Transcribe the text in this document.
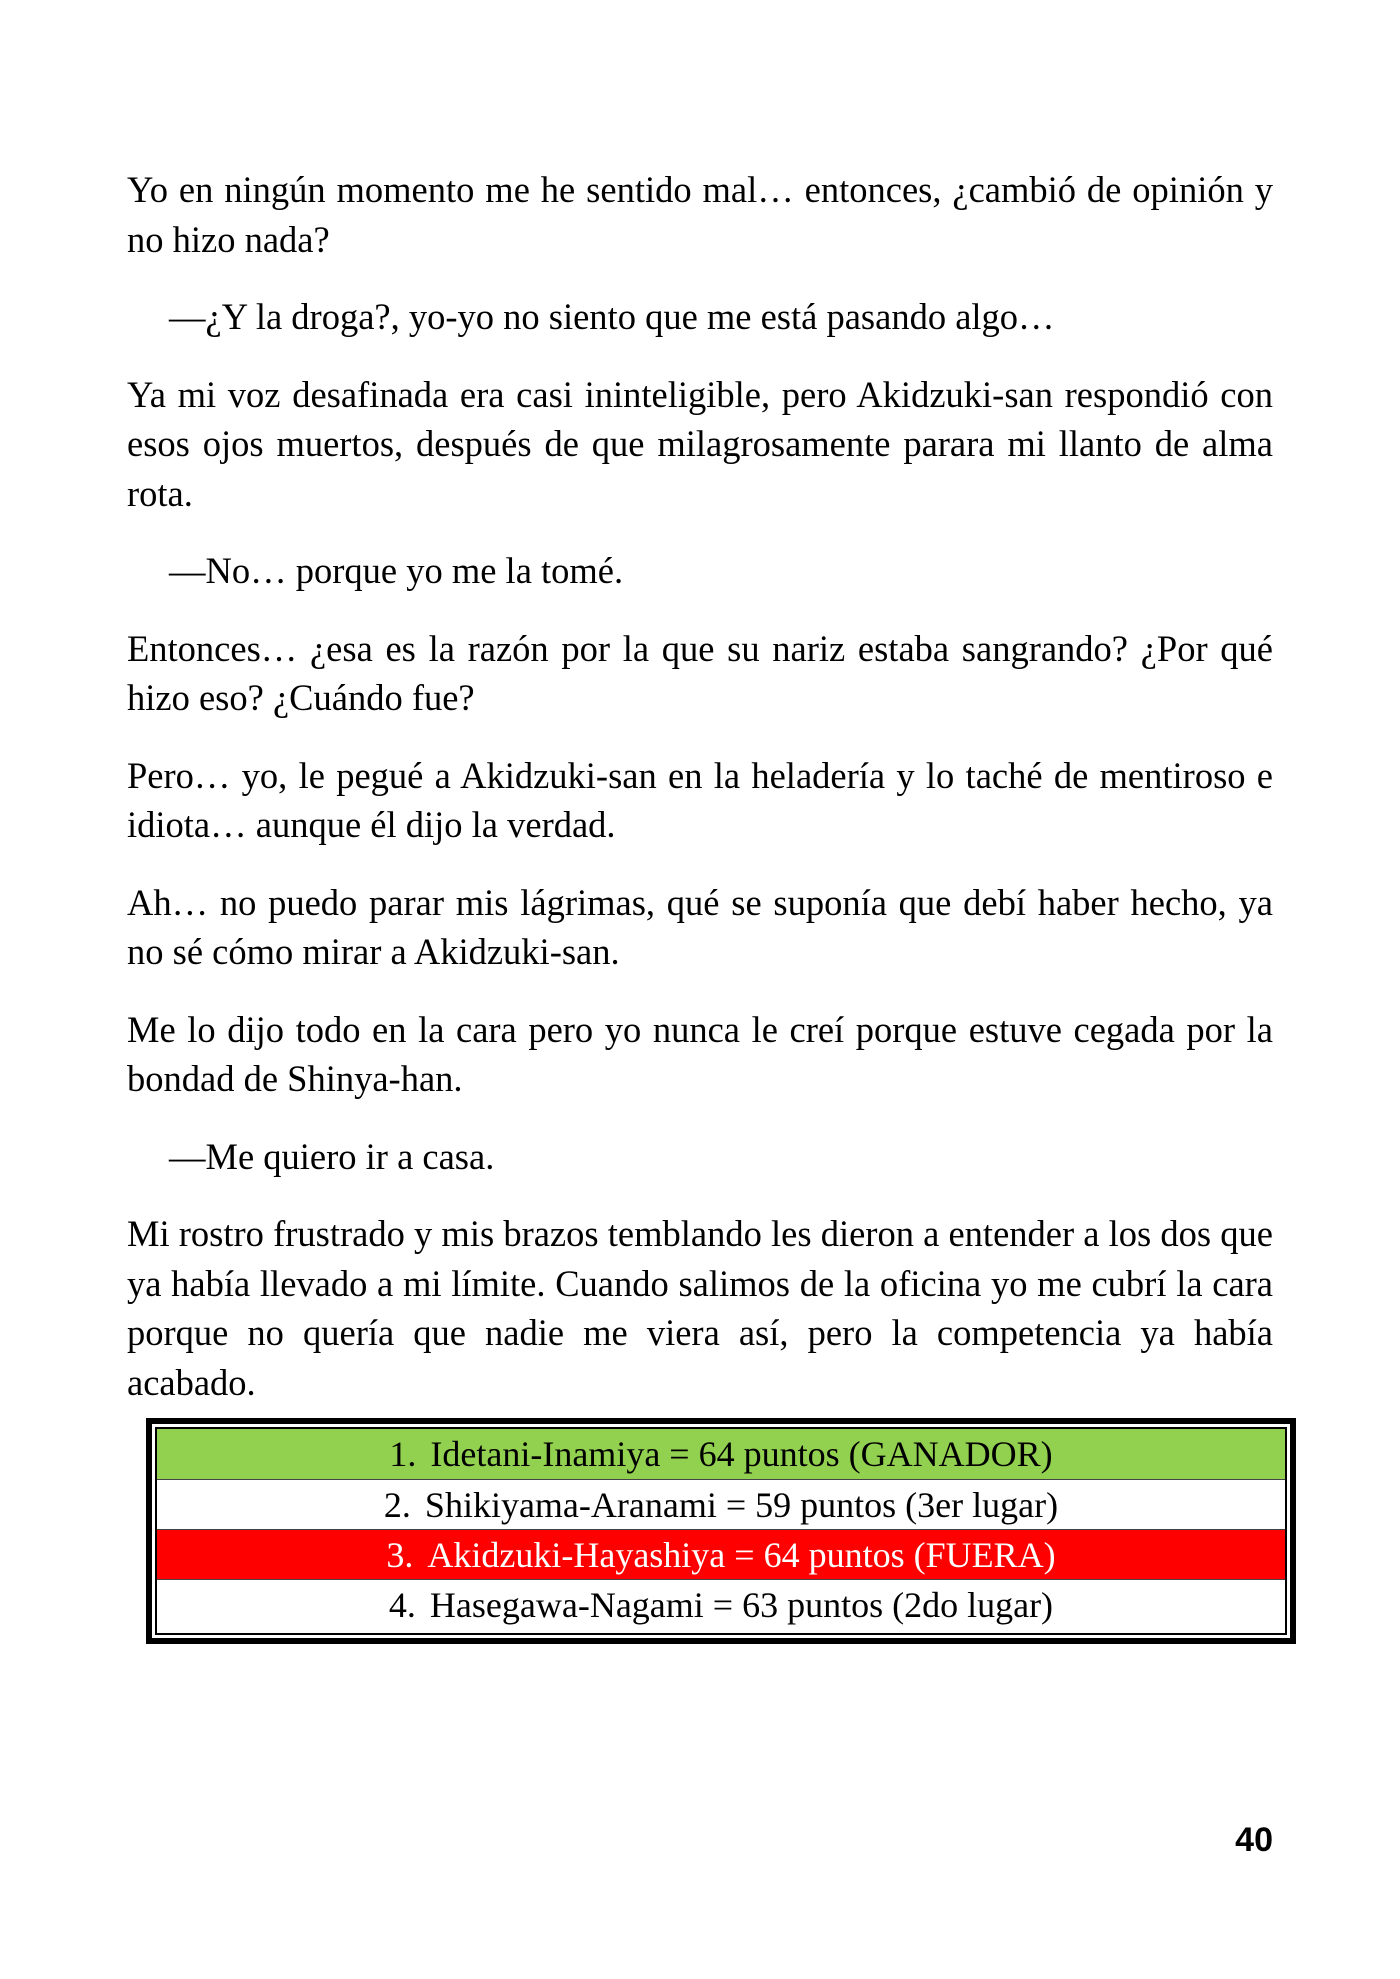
Yo en ningún momento me he sentido mal… entonces, ¿cambió de opinión y no hizo nada?

—¿Y la droga?, yo-yo no siento que me está pasando algo…

Ya mi voz desafinada era casi ininteligible, pero Akidzuki-san respondió con esos ojos muertos, después de que milagrosamente parara mi llanto de alma rota.

—No… porque yo me la tomé.

Entonces… ¿esa es la razón por la que su nariz estaba sangrando? ¿Por qué hizo eso? ¿Cuándo fue?

Pero… yo, le pegué a Akidzuki-san en la heladería y lo taché de mentiroso e idiota… aunque él dijo la verdad.

Ah… no puedo parar mis lágrimas, qué se suponía que debí haber hecho, ya no sé cómo mirar a Akidzuki-san.

Me lo dijo todo en la cara pero yo nunca le creí porque estuve cegada por la bondad de Shinya-han.

—Me quiero ir a casa.

Mi rostro frustrado y mis brazos temblando les dieron a entender a los dos que ya había llevado a mi límite. Cuando salimos de la oficina yo me cubrí la cara porque no quería que nadie me viera así, pero la competencia ya había acabado.

1. Idetani-Inamiya = 64 puntos (GANADOR)
2. Shikiyama-Aranami = 59 puntos (3er lugar)
3. Akidzuki-Hayashiya = 64 puntos (FUERA)
4. Hasegawa-Nagami = 63 puntos (2do lugar)
40
